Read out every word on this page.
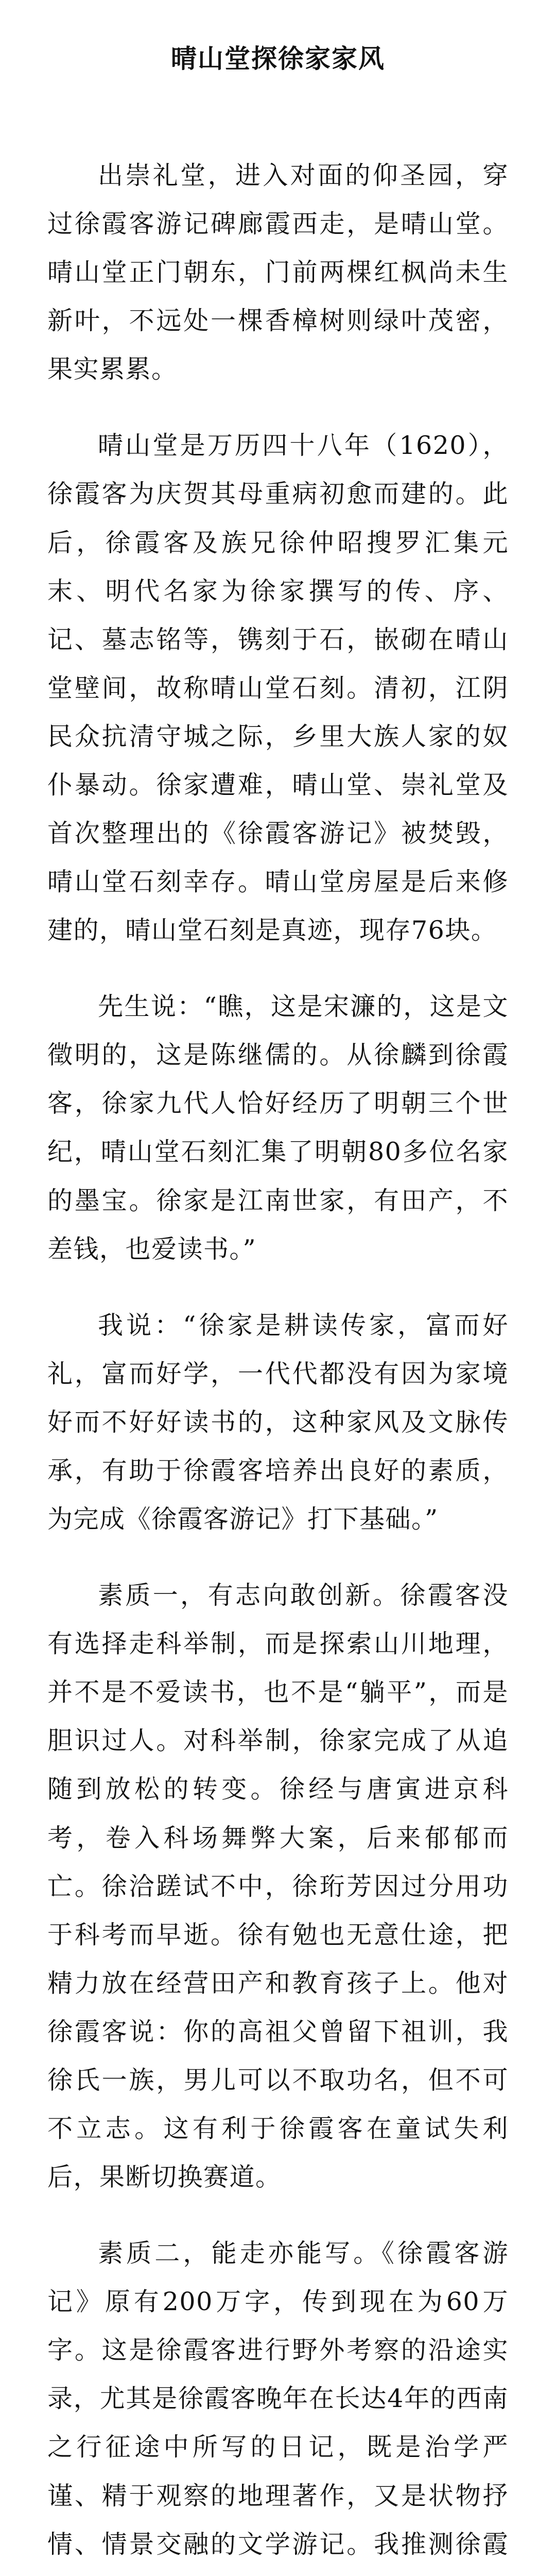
晴山堂探徐家家风

出崇礼堂，进入对面的仰圣园，穿过徐霞客游记碑廊霞西走，是晴山堂。晴山堂正门朝东，门前两棵红枫尚未生新叶，不远处一棵香樟树则绿叶茂密，果实累累。

晴山堂是万历四十八年（1620），徐霞客为庆贺其母重病初愈而建的。此后，徐霞客及族兄徐仲昭搜罗汇集元末、明代名家为徐家撰写的传、序、记、墓志铭等，镌刻于石，嵌砌在晴山堂壁间，故称晴山堂石刻。清初，江阴民众抗清守城之际，乡里大族人家的奴仆暴动。徐家遭难，晴山堂、崇礼堂及首次整理出的《徐霞客游记》被焚毁，晴山堂石刻幸存。晴山堂房屋是后来修建的，晴山堂石刻是真迹，现存76块。

先生说：“瞧，这是宋濂的，这是文徵明的，这是陈继儒的。从徐麟到徐霞客，徐家九代人恰好经历了明朝三个世纪，晴山堂石刻汇集了明朝80多位名家的墨宝。徐家是江南世家，有田产，不差钱，也爱读书。”

我说：“徐家是耕读传家，富而好礼，富而好学，一代代都没有因为家境好而不好好读书的，这种家风及文脉传承，有助于徐霞客培养出良好的素质，为完成《徐霞客游记》打下基础。”

素质一，有志向敢创新。徐霞客没有选择走科举制，而是探索山川地理，并不是不爱读书，也不是“躺平”，而是胆识过人。对科举制，徐家完成了从追随到放松的转变。徐经与唐寅进京科考，卷入科场舞弊大案，后来郁郁而亡。徐洽蹉试不中，徐珩芳因过分用功于科考而早逝。徐有勉也无意仕途，把精力放在经营田产和教育孩子上。他对徐霞客说：你的高祖父曾留下祖训，我徐氏一族，男儿可以不取功名，但不可不立志。这有利于徐霞客在童试失利后，果断切换赛道。

素质二，能走亦能写。《徐霞客游记》原有200万字，传到现在为60万字。这是徐霞客进行野外考察的沿途实录，尤其是徐霞客晚年在长达4年的西南之行征途中所写的日记，既是治学严谨、精于观察的地理著作，又是状物抒情、情景交融的文学游记。我推测徐霞
